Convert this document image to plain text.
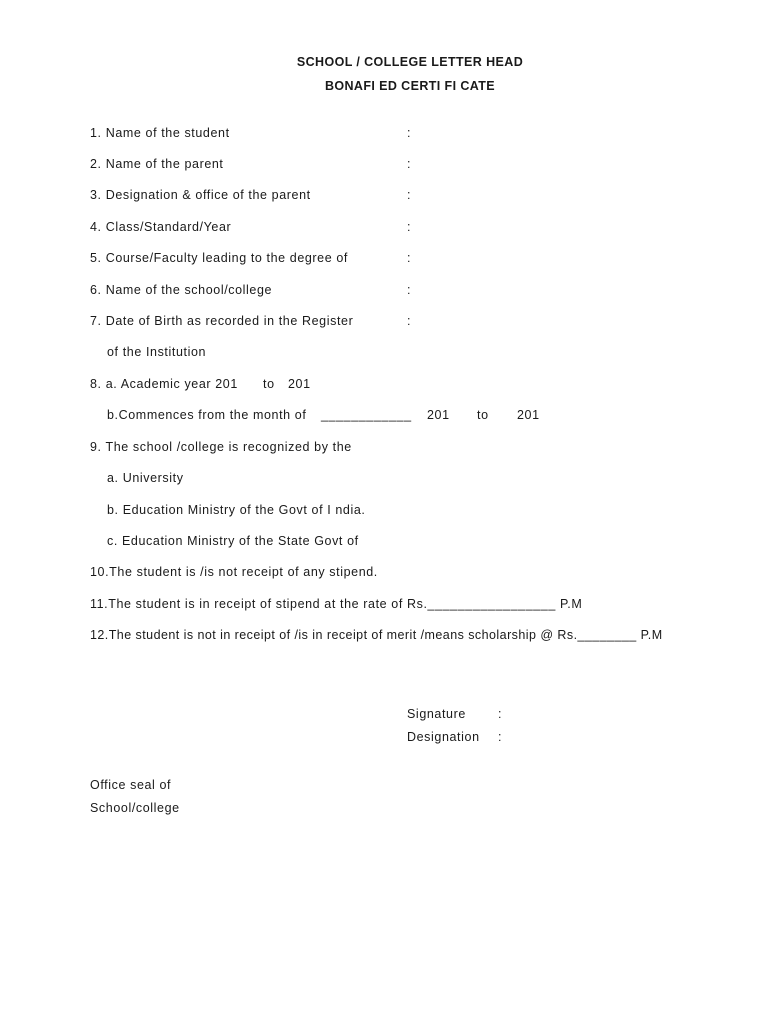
SCHOOL / COLLEGE LETTER HEAD
BONAFI ED CERTI FI CATE
1. Name of the student	:
2. Name of the parent	:
3. Designation & office of the parent	:
4. Class/Standard/Year	:
5. Course/Faculty leading to the degree of	:
6. Name of the school/college	:
7. Date of Birth as recorded in the Register	:
of the Institution
8. a. Academic year 201 to 201
b.Commences from the month of ____________ 201 to 201
9. The school /college is recognized by the
a. University
b. Education Ministry of the Govt of I ndia.
c. Education Ministry of the State Govt of
10.The student is /is not receipt of any stipend.
11.The student is in receipt of stipend at the rate of Rs._________________ P.M
12.The student is not in receipt of /is in receipt of merit /means scholarship @ Rs.________ P.M
Signature	:
Designation :
Office seal of
School/college
